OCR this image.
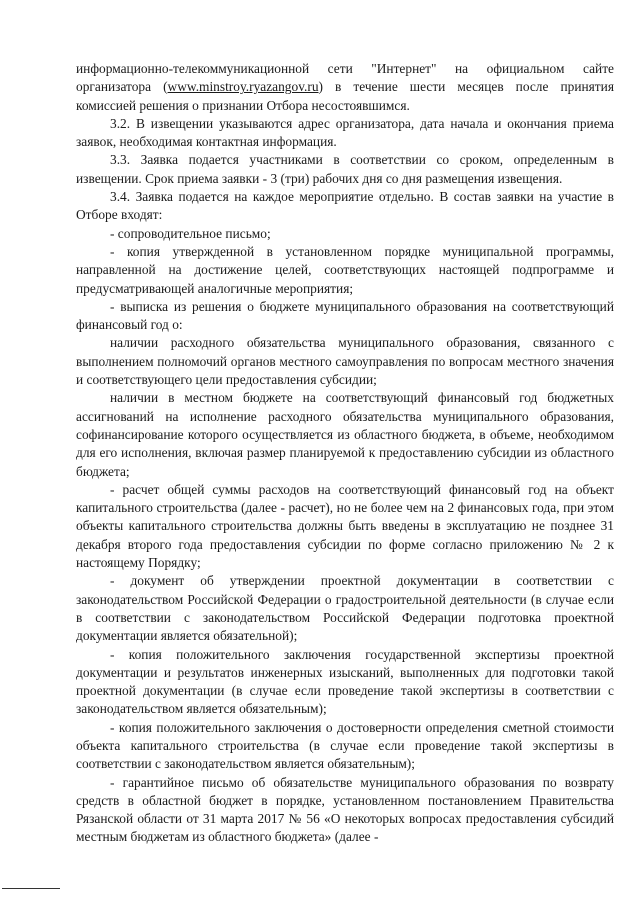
информационно-телекоммуникационной сети "Интернет" на официальном сайте организатора (www.minstroy.ryazangov.ru) в течение шести месяцев после принятия комиссией решения о признании Отбора несостоявшимся.

3.2. В извещении указываются адрес организатора, дата начала и окончания приема заявок, необходимая контактная информация.

3.3. Заявка подается участниками в соответствии со сроком, определенным в извещении. Срок приема заявки - 3 (три) рабочих дня со дня размещения извещения.

3.4. Заявка подается на каждое мероприятие отдельно. В состав заявки на участие в Отборе входят:

- сопроводительное письмо;

- копия утвержденной в установленном порядке муниципальной программы, направленной на достижение целей, соответствующих настоящей подпрограмме и предусматривающей аналогичные мероприятия;

- выписка из решения о бюджете муниципального образования на соответствующий финансовый год о:

наличии расходного обязательства муниципального образования, связанного с выполнением полномочий органов местного самоуправления по вопросам местного значения и соответствующего цели предоставления субсидии;

наличии в местном бюджете на соответствующий финансовый год бюджетных ассигнований на исполнение расходного обязательства муниципального образования, софинансирование которого осуществляется из областного бюджета, в объеме, необходимом для его исполнения, включая размер планируемой к предоставлению субсидии из областного бюджета;

- расчет общей суммы расходов на соответствующий финансовый год на объект капитального строительства (далее - расчет), но не более чем на 2 финансовых года, при этом объекты капитального строительства должны быть введены в эксплуатацию не позднее 31 декабря второго года предоставления субсидии по форме согласно приложению № 2 к настоящему Порядку;

- документ об утверждении проектной документации в соответствии с законодательством Российской Федерации о градостроительной деятельности (в случае если в соответствии с законодательством Российской Федерации подготовка проектной документации является обязательной);

- копия положительного заключения государственной экспертизы проектной документации и результатов инженерных изысканий, выполненных для подготовки такой проектной документации (в случае если проведение такой экспертизы в соответствии с законодательством является обязательным);

- копия положительного заключения о достоверности определения сметной стоимости объекта капитального строительства (в случае если проведение такой экспертизы в соответствии с законодательством является обязательным);

- гарантийное письмо об обязательстве муниципального образования по возврату средств в областной бюджет в порядке, установленном постановлением Правительства Рязанской области от 31 марта 2017 № 56 «О некоторых вопросах предоставления субсидий местным бюджетам из областного бюджета» (далее -
